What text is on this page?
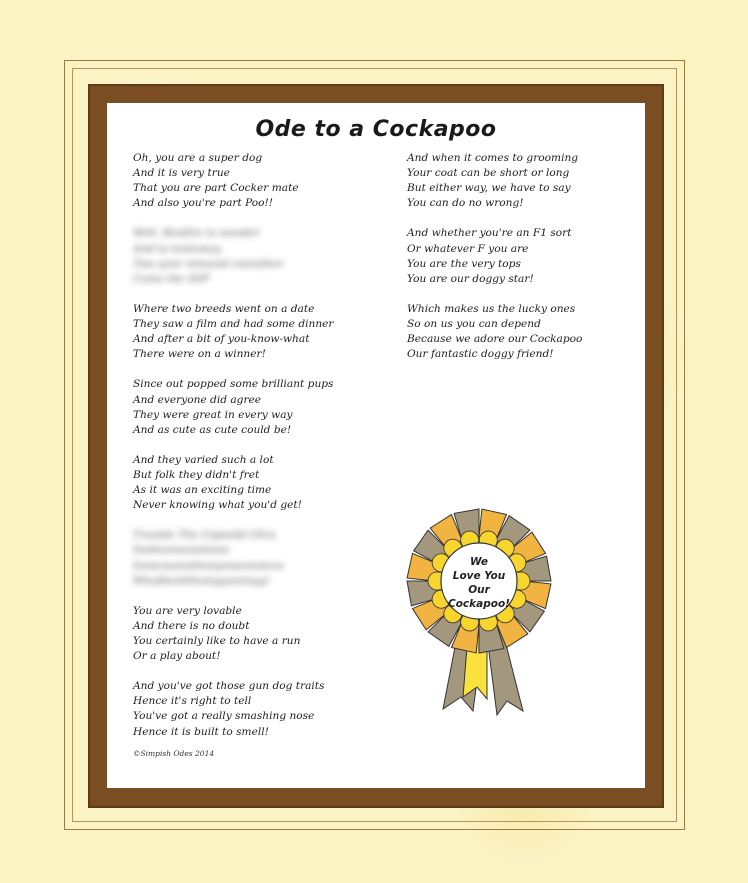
Ode to a Cockapoo
Oh, you are a super dog
And it is very true
That you are part Cocker mate
And also you're part Poo!!
Well, Bonfire to wander
And to tantaway
Two your mmaxid ewnnther
Came the SSP
Where two breeds went on a date
They saw a film and had some dinner
And after a bit of you-know-what
There were on a winner!
Since out popped some brilliant pups
And everyone did agree
They were great in every way
And as cute as cute could be!
And they varied such a lot
But folk they didn't fret
As it was an exciting time
Never knowing what you'd get!
Trouble The Uppwild Ghrs
Sodmomsswitoms
Somewonnthonynwonnnevo
Whofileshthomygoonnyg!
You are very lovable
And there is no doubt
You certainly like to have a run
Or a play about!
And you've got those gun dog traits
Hence it's right to tell
You've got a really smashing nose
Hence it is built to smell!
And when it comes to grooming
Your coat can be short or long
But either way, we have to say
You can do no wrong!
And whether you're an F1 sort
Or whatever F you are
You are the very tops
You are our doggy star!
Which makes us the lucky ones
So on us you can depend
Because we adore our Cockapoo
Our fantastic doggy friend!
©Simpish Odes 2014
We
Love You
Our
Cockapoo!
